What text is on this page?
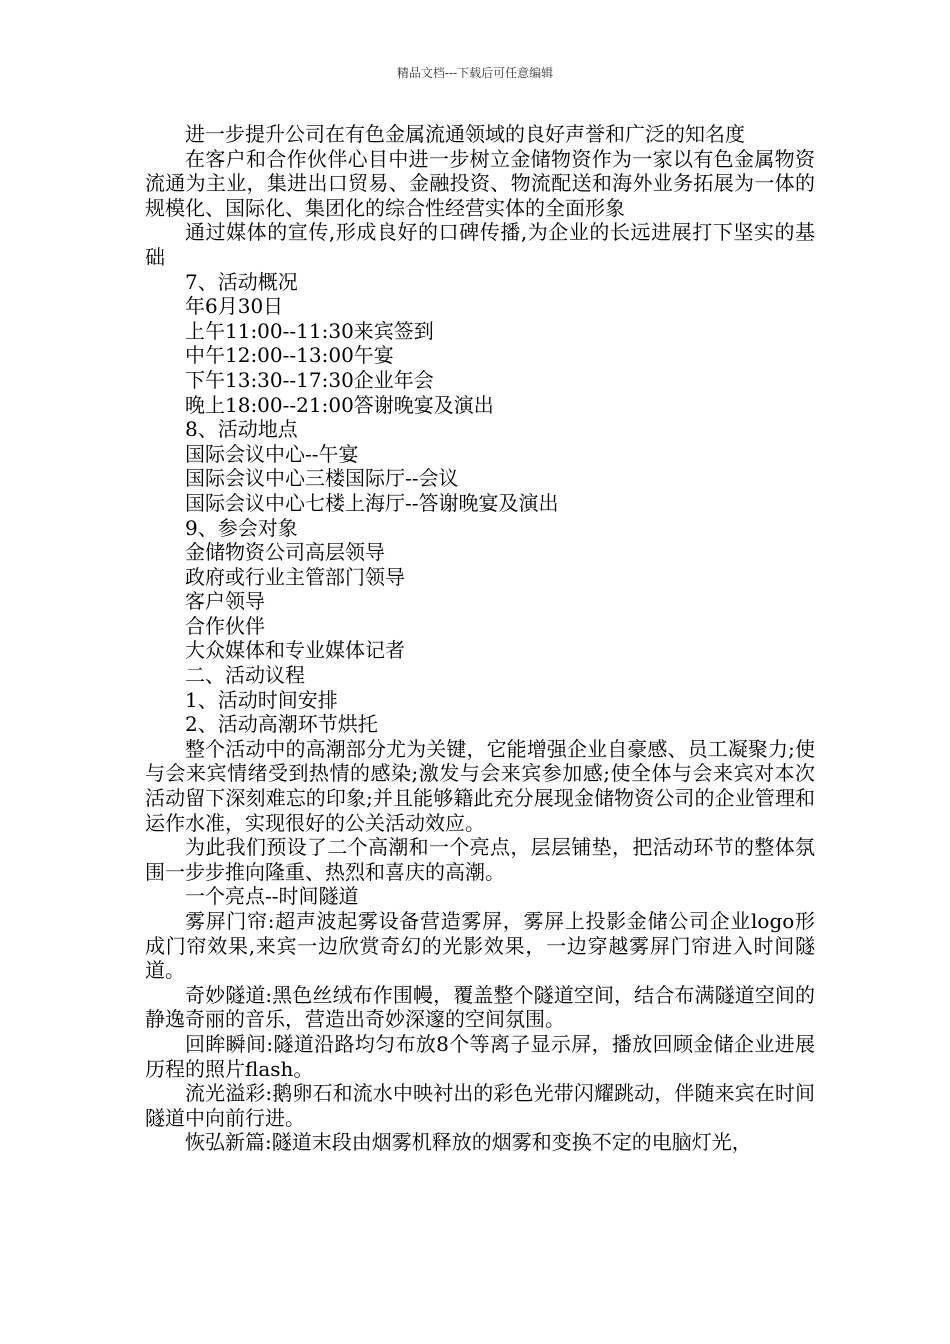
精品文档---下载后可任意编辑

进一步提升公司在有色金属流通领域的良好声誉和广泛的知名度

在客户和合作伙伴心目中进一步树立金储物资作为一家以有色金属物资流通为主业，集进出口贸易、金融投资、物流配送和海外业务拓展为一体的规模化、国际化、集团化的综合性经营实体的全面形象

通过媒体的宣传,形成良好的口碑传播,为企业的长远进展打下坚实的基础

7、活动概况

年6月30日

上午11:00--11:30来宾签到

中午12:00--13:00午宴

下午13:30--17:30企业年会

晚上18:00--21:00答谢晚宴及演出

8、活动地点

国际会议中心--午宴

国际会议中心三楼国际厅--会议

国际会议中心七楼上海厅--答谢晚宴及演出

9、参会对象

金储物资公司高层领导

政府或行业主管部门领导

客户领导

合作伙伴

大众媒体和专业媒体记者

二、活动议程

1、活动时间安排

2、活动高潮环节烘托

整个活动中的高潮部分尤为关键，它能增强企业自豪感、员工凝聚力;使与会来宾情绪受到热情的感染;激发与会来宾参加感;使全体与会来宾对本次活动留下深刻难忘的印象;并且能够籍此充分展现金储物资公司的企业管理和运作水准，实现很好的公关活动效应。

为此我们预设了二个高潮和一个亮点，层层铺垫，把活动环节的整体氛围一步步推向隆重、热烈和喜庆的高潮。

一个亮点--时间隧道

雾屏门帘:超声波起雾设备营造雾屏，雾屏上投影金储公司企业logo形成门帘效果,来宾一边欣赏奇幻的光影效果，一边穿越雾屏门帘进入时间隧道。

奇妙隧道:黑色丝绒布作围幔，覆盖整个隧道空间，结合布满隧道空间的静逸奇丽的音乐，营造出奇妙深邃的空间氛围。

回眸瞬间:隧道沿路均匀布放8个等离子显示屏，播放回顾金储企业进展历程的照片flash。

流光溢彩:鹅卵石和流水中映衬出的彩色光带闪耀跳动，伴随来宾在时间隧道中向前行进。

恢弘新篇:隧道末段由烟雾机释放的烟雾和变换不定的电脑灯光，
